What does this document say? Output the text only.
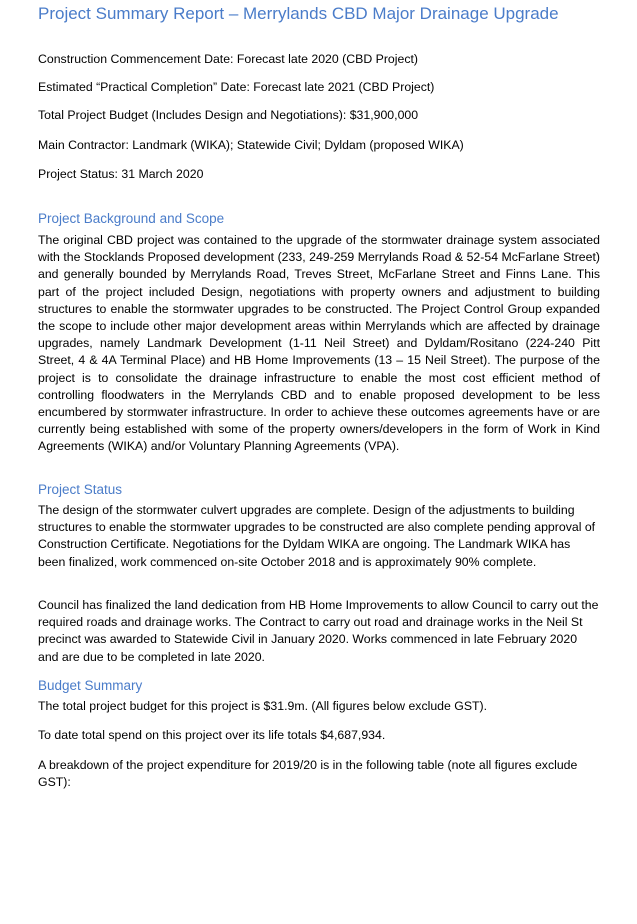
Project Summary Report – Merrylands CBD Major Drainage Upgrade
Construction Commencement Date: Forecast late 2020 (CBD Project)
Estimated “Practical Completion” Date: Forecast late 2021 (CBD Project)
Total Project Budget (Includes Design and Negotiations): $31,900,000
Main Contractor: Landmark (WIKA); Statewide Civil; Dyldam (proposed WIKA)
Project Status: 31 March 2020
Project Background and Scope
The original CBD project was contained to the upgrade of the stormwater drainage system associated with the Stocklands Proposed development (233, 249-259 Merrylands Road & 52-54 McFarlane Street) and generally bounded by Merrylands Road, Treves Street, McFarlane Street and Finns Lane. This part of the project included Design, negotiations with property owners and adjustment to building structures to enable the stormwater upgrades to be constructed. The Project Control Group expanded the scope to include other major development areas within Merrylands which are affected by drainage upgrades, namely Landmark Development (1-11 Neil Street) and Dyldam/Rositano (224-240 Pitt Street, 4 & 4A Terminal Place) and HB Home Improvements (13 – 15 Neil Street). The purpose of the project is to consolidate the drainage infrastructure to enable the most cost efficient method of controlling floodwaters in the Merrylands CBD and to enable proposed development to be less encumbered by stormwater infrastructure. In order to achieve these outcomes agreements have or are currently being established with some of the property owners/developers in the form of Work in Kind Agreements (WIKA) and/or Voluntary Planning Agreements (VPA).
Project Status
The design of the stormwater culvert upgrades are complete. Design of the adjustments to building structures to enable the stormwater upgrades to be constructed are also complete pending approval of Construction Certificate. Negotiations for the Dyldam WIKA are ongoing. The Landmark WIKA has been finalized, work commenced on-site October 2018 and is approximately 90% complete.
Council has finalized the land dedication from HB Home Improvements to allow Council to carry out the required roads and drainage works. The Contract to carry out road and drainage works in the Neil St precinct was awarded to Statewide Civil in January 2020. Works commenced in late February 2020 and are due to be completed in late 2020.
Budget Summary
The total project budget for this project is $31.9m. (All figures below exclude GST).
To date total spend on this project over its life totals $4,687,934.
A breakdown of the project expenditure for 2019/20 is in the following table (note all figures exclude GST):
